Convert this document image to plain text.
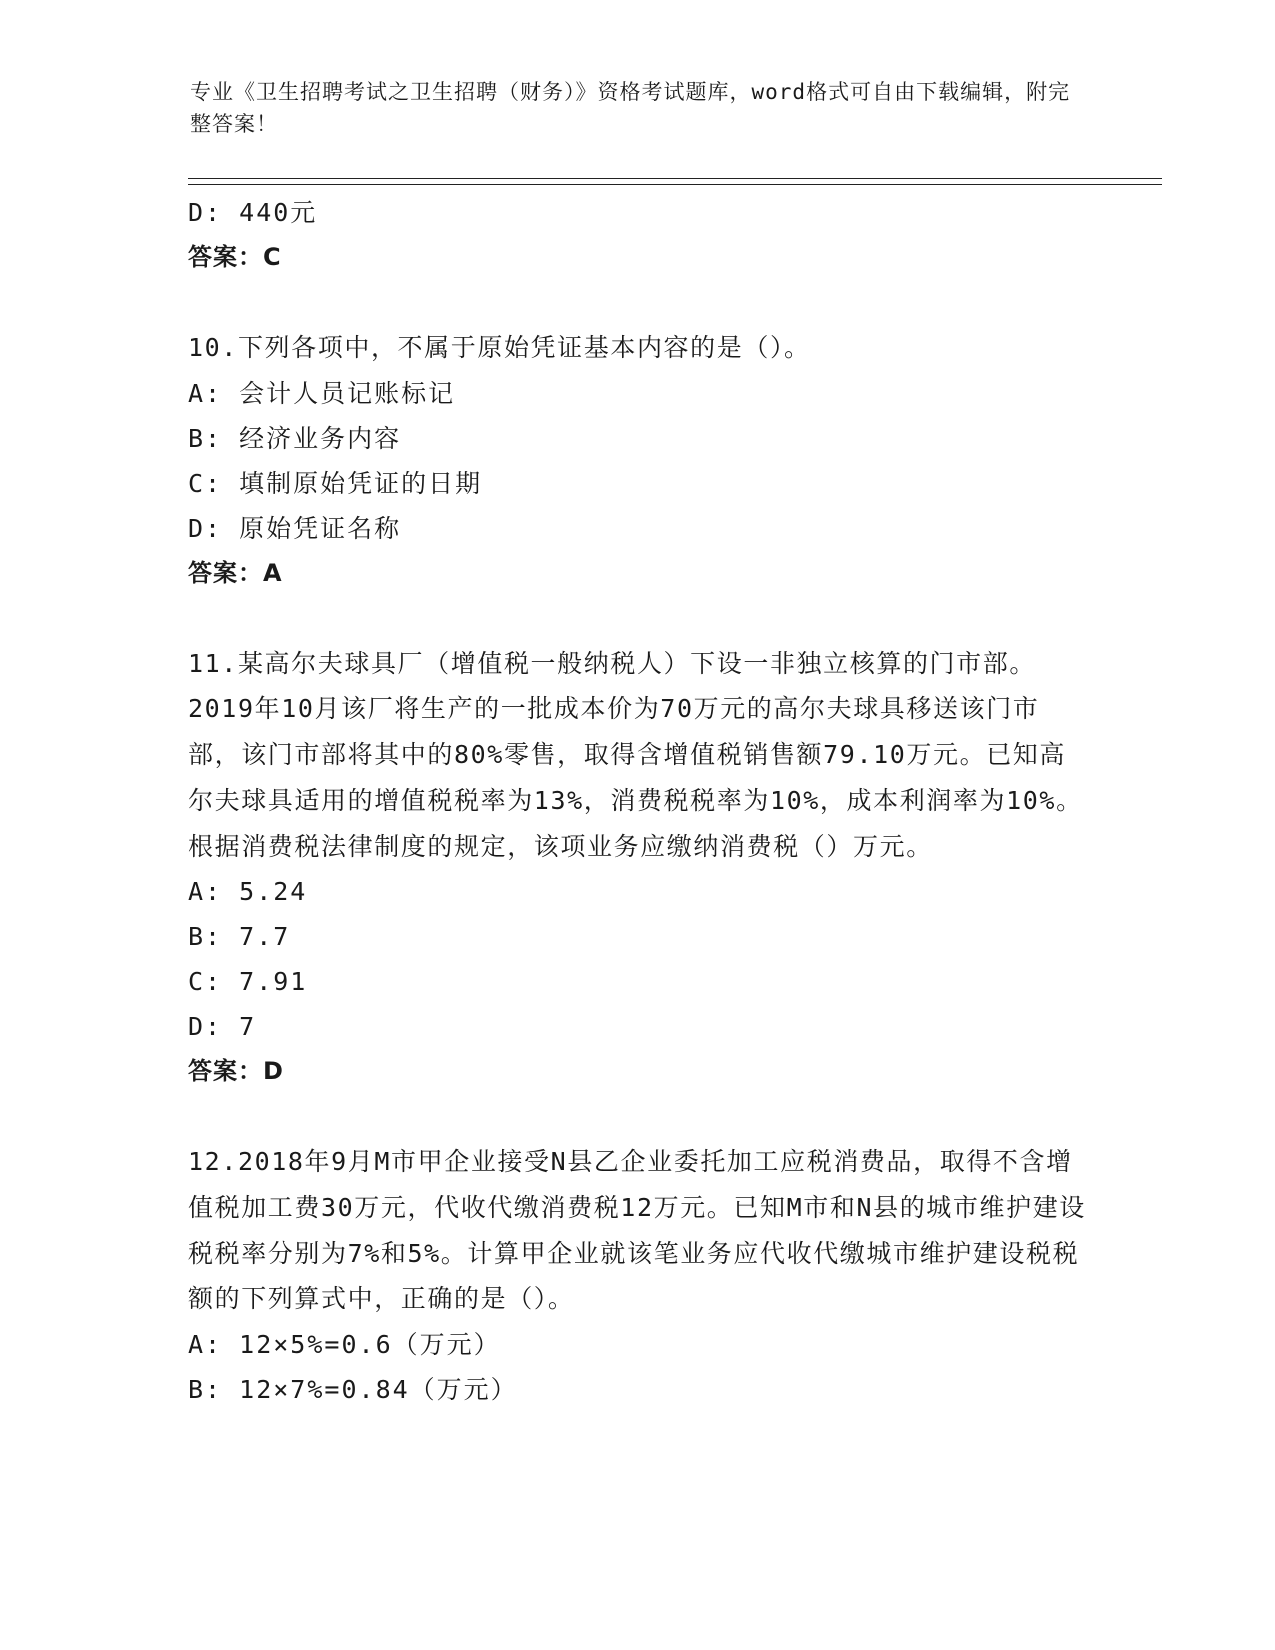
专业《卫生招聘考试之卫生招聘（财务）》资格考试题库，word格式可自由下载编辑，附完整答案！
D: 440元
答案：C
10.下列各项中，不属于原始凭证基本内容的是（）。
A: 会计人员记账标记
B: 经济业务内容
C: 填制原始凭证的日期
D: 原始凭证名称
答案：A
11.某高尔夫球具厂（增值税一般纳税人）下设一非独立核算的门市部。2019年10月该厂将生产的一批成本价为70万元的高尔夫球具移送该门市部，该门市部将其中的80%零售，取得含增值税销售额79.10万元。已知高尔夫球具适用的增值税税率为13%，消费税税率为10%，成本利润率为10%。根据消费税法律制度的规定，该项业务应缴纳消费税（）万元。
A: 5.24
B: 7.7
C: 7.91
D: 7
答案：D
12.2018年9月M市甲企业接受N县乙企业委托加工应税消费品，取得不含增值税加工费30万元，代收代缴消费税12万元。已知M市和N县的城市维护建设税税率分别为7%和5%。计算甲企业就该笔业务应代收代缴城市维护建设税税额的下列算式中，正确的是（）。
A: 12×5%=0.6（万元）
B: 12×7%=0.84（万元）
